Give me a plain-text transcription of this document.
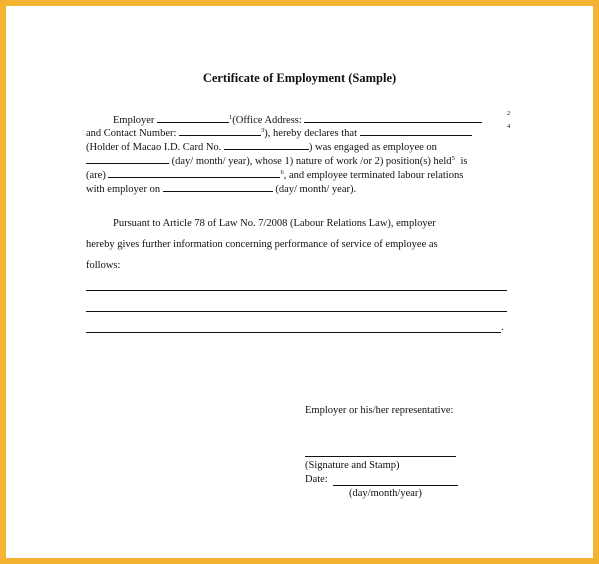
Certificate of Employment (Sample)
Employer	$^1$(Office Address:
2
and Contact Number:	$^3$), hereby declares that
4
(Holder of Macao I.D. Card No.	) was engaged as employee on
(day/ month/ year), whose 1) nature of work /or 2) position(s) held$^5$ is
(are)	$^6$, and employee terminated labour relations
with employer on	(day/ month/ year).
Pursuant to Article 78 of Law No. 7/2008 (Labour Relations Law), employer
hereby gives further information concerning performance of service of employee as
follows:
.
Employer or his/her representative:
(Signature and Stamp)
Date:
(day/month/year)
